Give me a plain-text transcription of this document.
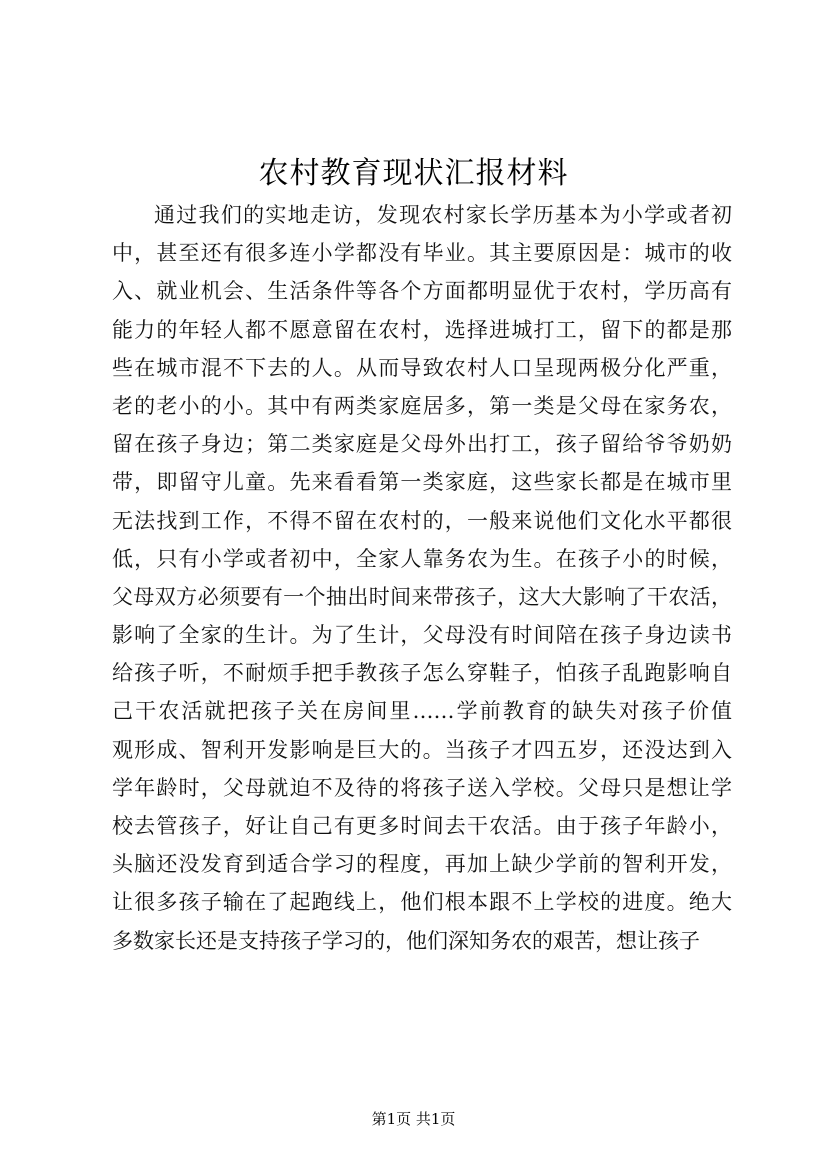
农村教育现状汇报材料
通过我们的实地走访，发现农村家长学历基本为小学或者初
中，甚至还有很多连小学都没有毕业。其主要原因是：城市的收
入、就业机会、生活条件等各个方面都明显优于农村，学历高有
能力的年轻人都不愿意留在农村，选择进城打工，留下的都是那
些在城市混不下去的人。从而导致农村人口呈现两极分化严重，
老的老小的小。其中有两类家庭居多，第一类是父母在家务农，
留在孩子身边；第二类家庭是父母外出打工，孩子留给爷爷奶奶
带，即留守儿童。先来看看第一类家庭，这些家长都是在城市里
无法找到工作，不得不留在农村的，一般来说他们文化水平都很
低，只有小学或者初中，全家人靠务农为生。在孩子小的时候，
父母双方必须要有一个抽出时间来带孩子，这大大影响了干农活，
影响了全家的生计。为了生计，父母没有时间陪在孩子身边读书
给孩子听，不耐烦手把手教孩子怎么穿鞋子，怕孩子乱跑影响自
己干农活就把孩子关在房间里……学前教育的缺失对孩子价值
观形成、智利开发影响是巨大的。当孩子才四五岁，还没达到入
学年龄时，父母就迫不及待的将孩子送入学校。父母只是想让学
校去管孩子，好让自己有更多时间去干农活。由于孩子年龄小，
头脑还没发育到适合学习的程度，再加上缺少学前的智利开发，
让很多孩子输在了起跑线上，他们根本跟不上学校的进度。绝大
多数家长还是支持孩子学习的，他们深知务农的艰苦，想让孩子
第1页 共1页
